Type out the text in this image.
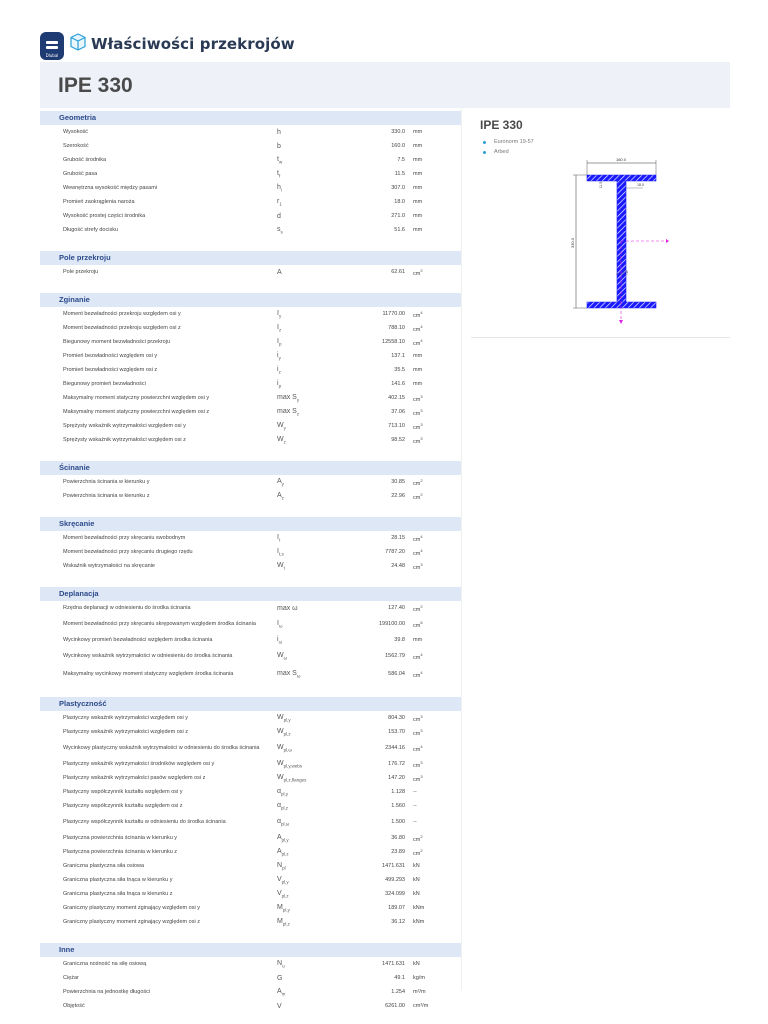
Dlubal
Właściwości przekrojów
IPE 330
Geometria
Wysokość	h	330.0	mm
Szerokość	b	160.0	mm
Grubość środnika	$t_w$	7.5	mm
Grubość pasa	$t_f$	11.5	mm
Wewnętrzna wysokość między pasami	$h_i$	307.0	mm
Promień zaokrąglenia naroża	$r_1$	18.0	mm
Wysokość prostej części środnika	d	271.0	mm
Długość strefy docisku	$s_s$	51.6	mm
Pole przekroju
Pole przekroju	A	62.61	$cm^2$
Zginanie
Moment bezwładności przekroju względem osi y	$I_y$	11770.00	$cm^4$
Moment bezwładności przekroju względem osi z	$I_z$	788.10	$cm^4$
Biegunowy moment bezwładności przekroju	$I_p$	12558.10	$cm^4$
Promień bezwładności względem osi y	$i_y$	137.1	mm
Promień bezwładności względem osi z	$i_z$	35.5	mm
Biegunowy promień bezwładności	$i_p$	141.6	mm
Maksymalny moment statyczny powierzchni względem osi y	$\max S_y$	402.15	$cm^3$
Maksymalny moment statyczny powierzchni względem osi z	$\max S_z$	37.06	$cm^3$
Sprężysty wskaźnik wytrzymałości względem osi y	$W_y$	713.10	$cm^3$
Sprężysty wskaźnik wytrzymałości względem osi z	$W_z$	98.52	$cm^3$
Ścinanie
Powierzchnia ścinania w kierunku y	$A_y$	30.85	$cm^2$
Powierzchnia ścinania w kierunku z	$A_z$	22.96	$cm^2$
Skręcanie
Moment bezwładności przy skręcaniu swobodnym	$I_t$	28.15	$cm^4$
Moment bezwładności przy skręcaniu drugiego rzędu	$I_{t,s}$	7787.20	$cm^4$
Wskaźnik wytrzymałości na skręcanie	$W_t$	24.48	$cm^3$
Deplanacja
Rzędna deplanacji w odniesieniu do środka ścinania	max ω	127.40	$cm^2$
Moment bezwładności przy skręcaniu skrępowanym względem środka ścinania	$I_\omega$	199100.00	$cm^6$
Wycinkowy promień bezwładności względem środka ścinania	$i_\omega$	39.8	mm
Wycinkowy wskaźnik wytrzymałości w odniesieniu do środka ścinania	$W_\omega$	1562.79	$cm^4$
Maksymalny wycinkowy moment statyczny względem środka ścinania	$\max S_\omega$	586.04	$cm^4$
Plastyczność
Plastyczny wskaźnik wytrzymałości względem osi y	$W_{pl,y}$	804.30	$cm^3$
Plastyczny wskaźnik wytrzymałości względem osi z	$W_{pl,z}$	153.70	$cm^3$
Wycinkowy plastyczny wskaźnik wytrzymałości w odniesieniu do środka ścinania	$W_{pl,\omega}$	2344.16	$cm^4$
Plastyczny wskaźnik wytrzymałości środników względem osi y	$W_{pl,y,webs}$	176.72	$cm^3$
Plastyczny wskaźnik wytrzymałości pasów względem osi z	$W_{pl,z,flanges}$	147.20	$cm^3$
Plastyczny współczynnik kształtu względem osi y	$\alpha_{pl,y}$	1.128	--
Plastyczny współczynnik kształtu względem osi z	$\alpha_{pl,z}$	1.560	--
Plastyczny współczynnik kształtu w odniesieniu do środka ścinania	$\alpha_{pl,\omega}$	1.500	--
Plastyczna powierzchnia ścinania w kierunku y	$A_{pl,y}$	36.80	$cm^2$
Plastyczna powierzchnia ścinania w kierunku z	$A_{pl,z}$	23.89	$cm^2$
Graniczna plastyczna siła osiowa	$N_{pl}$	1471.631	kN
Graniczna plastyczna siła tnąca w kierunku y	$V_{pl,y}$	499.293	kN
Graniczna plastyczna siła tnąca w kierunku z	$V_{pl,z}$	324.099	kN
Graniczny plastyczny moment zginający względem osi y	$M_{pl,y}$	189.07	kNm
Graniczny plastyczny moment zginający względem osi z	$M_{pl,z}$	36.12	kNm
Inne
Graniczna nośność na siłę osiową	$N_u$	1471.631	kN
Ciężar	G	49.1	kg/m
Powierzchnia na jednostkę długości	$A_m$	1.254	m²/m
Objętość	V	6261.00	cm³/m
IPE 330
Euronorm 19-57
Arbed
160.0
330.0
11.5	18.0
7.5
